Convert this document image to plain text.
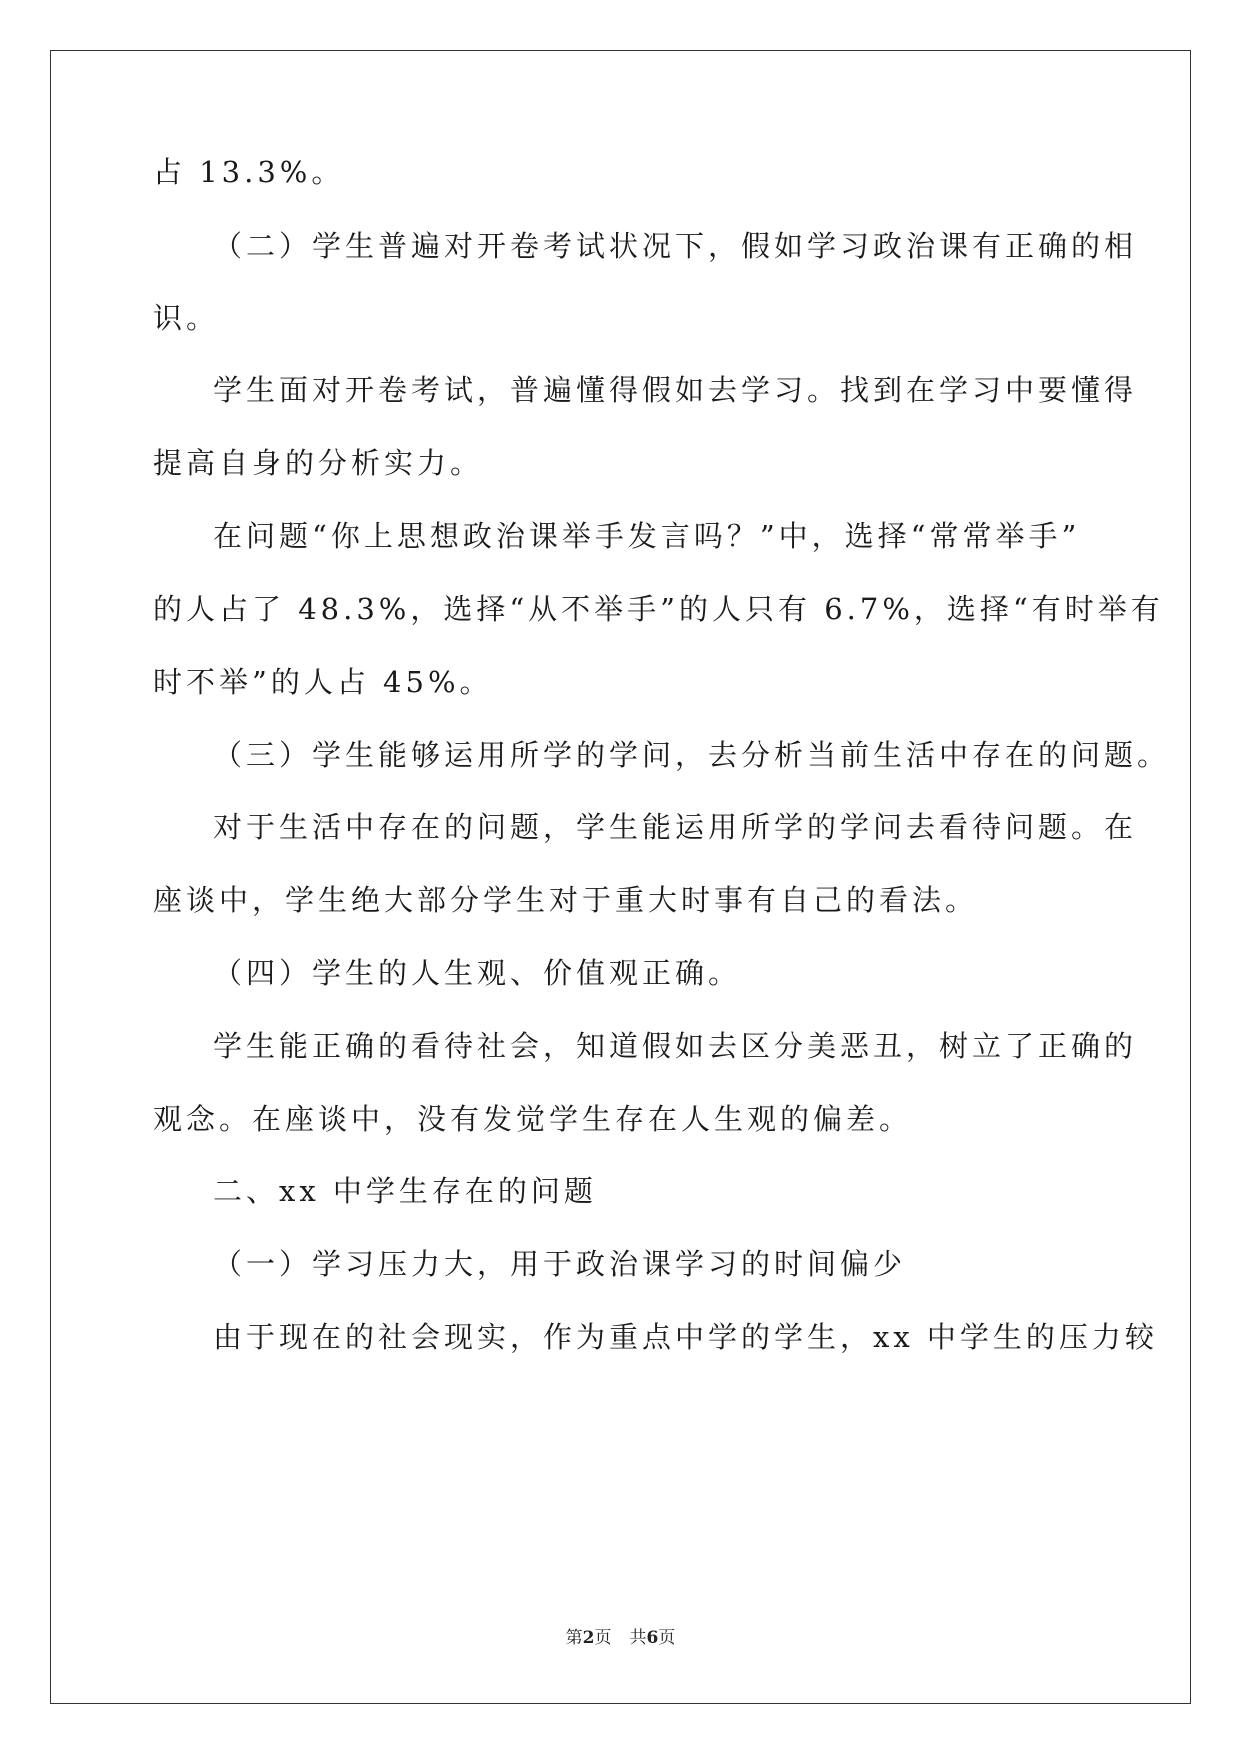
占 13.3%。
（二）学生普遍对开卷考试状况下，假如学习政治课有正确的相
识。
学生面对开卷考试，普遍懂得假如去学习。找到在学习中要懂得
提高自身的分析实力。
在问题“你上思想政治课举手发言吗？”中，选择“常常举手”
的人占了 48.3%，选择“从不举手”的人只有 6.7%，选择“有时举有
时不举”的人占 45%。
（三）学生能够运用所学的学问，去分析当前生活中存在的问题。
对于生活中存在的问题，学生能运用所学的学问去看待问题。在
座谈中，学生绝大部分学生对于重大时事有自己的看法。
（四）学生的人生观、价值观正确。
学生能正确的看待社会，知道假如去区分美恶丑，树立了正确的
观念。在座谈中，没有发觉学生存在人生观的偏差。
二、xx 中学生存在的问题
（一）学习压力大，用于政治课学习的时间偏少
由于现在的社会现实，作为重点中学的学生，xx 中学生的压力较
第2页 共6页
